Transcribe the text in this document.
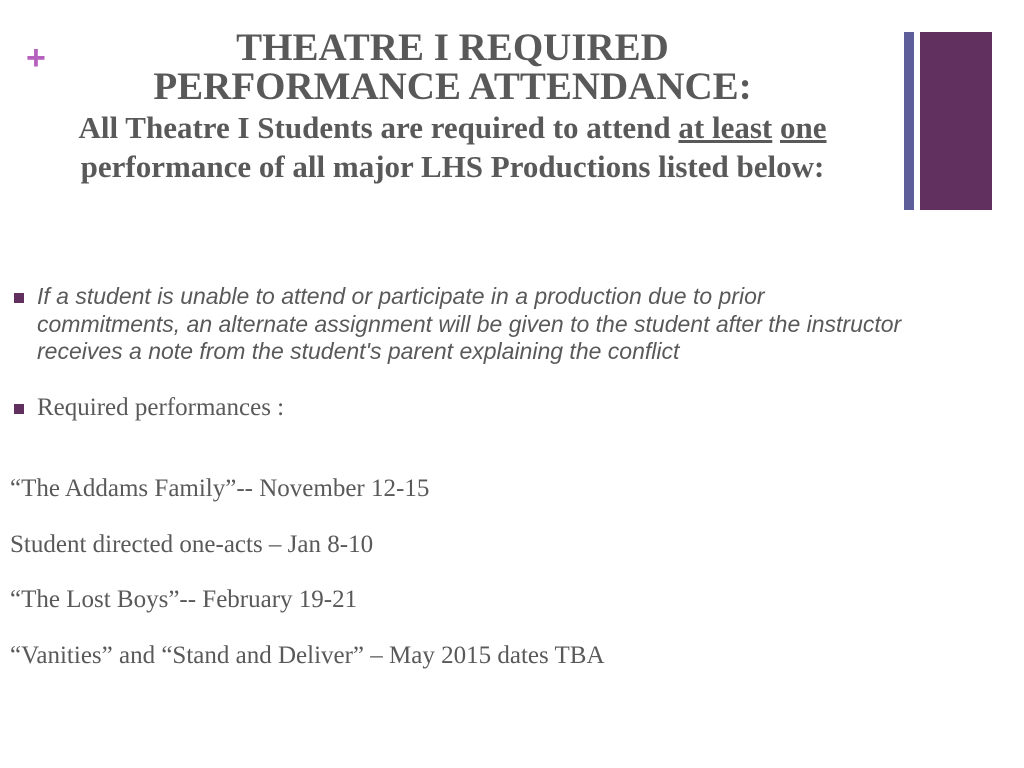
+	THEATRE I REQUIRED

PERFORMANCE ATTENDANCE:

All Theatre I Students are required to attend at least one performance of all major LHS Productions listed below:

If a student is unable to attend or participate in a production due to prior commitments, an alternate assignment will be given to the student after the instructor receives a note from the student's parent explaining the conflict
Required performances :
“The Addams Family”-- November 12-15
Student directed one-acts – Jan 8-10
“The Lost Boys”-- February 19-21
“Vanities” and “Stand and Deliver” – May 2015 dates TBA
